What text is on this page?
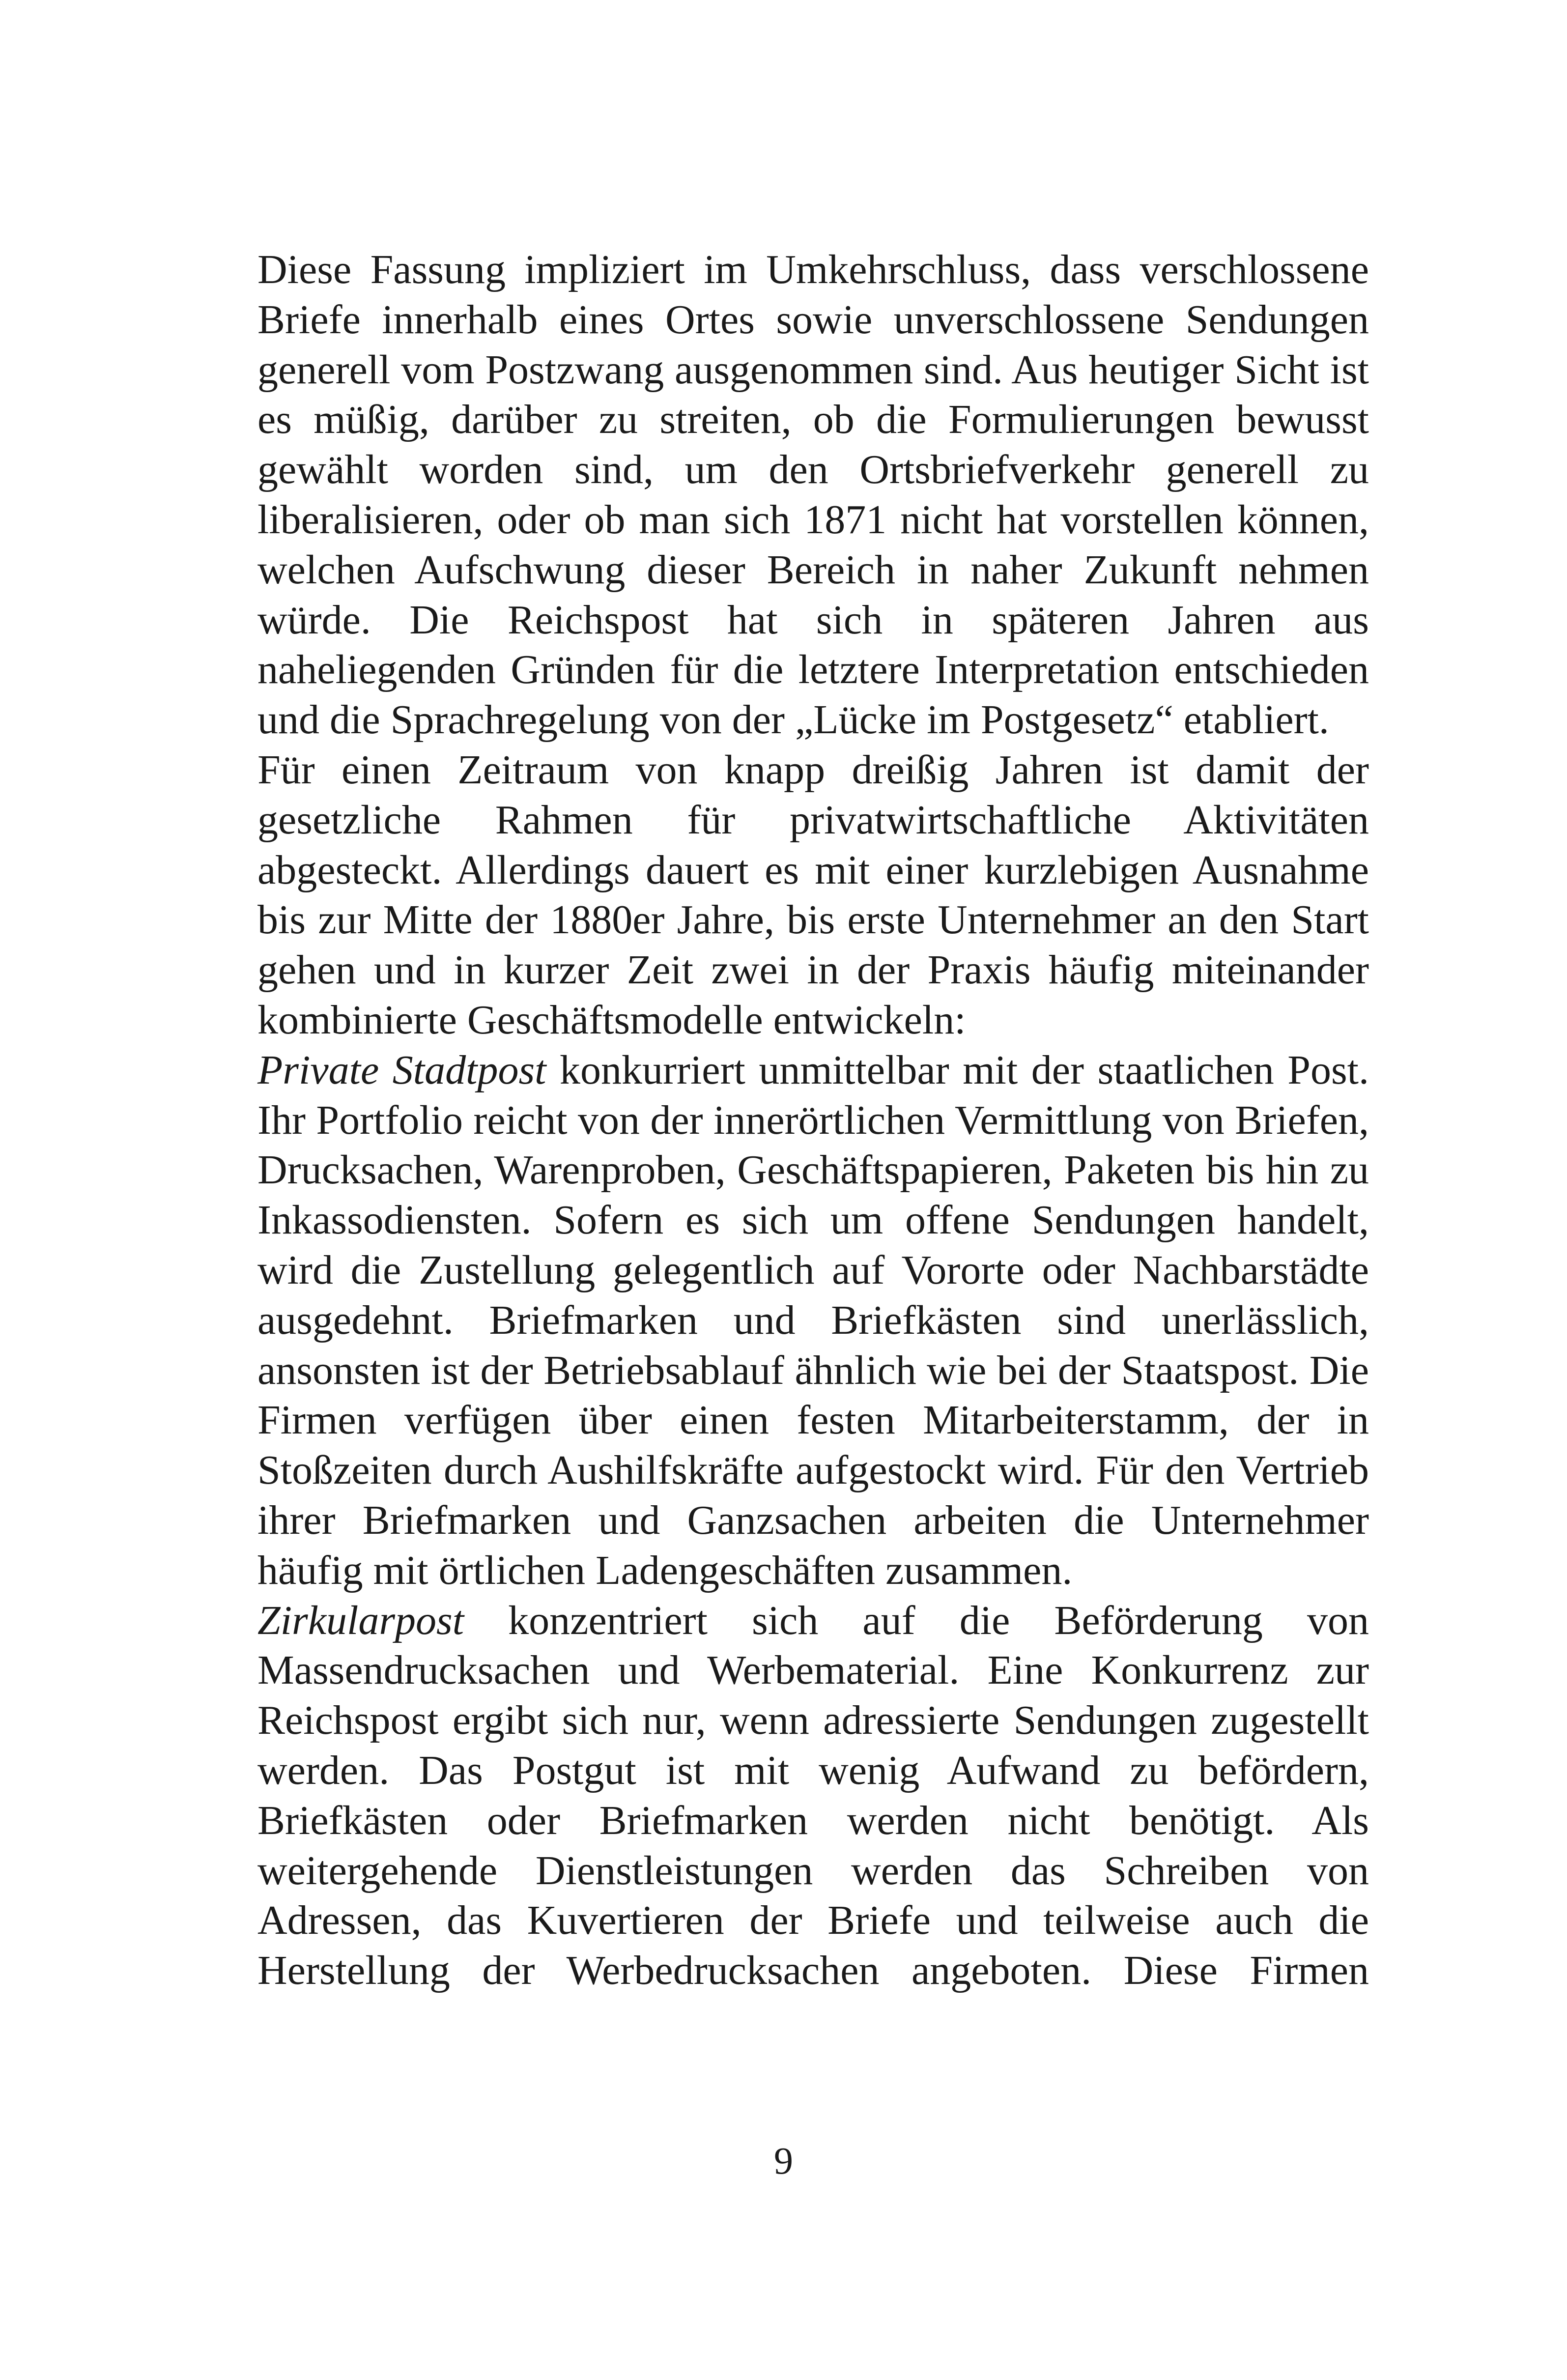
Diese Fassung impliziert im Umkehrschluss, dass verschlossene Briefe innerhalb eines Ortes sowie unverschlossene Sendungen generell vom Postzwang ausgenommen sind. Aus heutiger Sicht ist es müßig, darüber zu streiten, ob die Formulierungen bewusst gewählt worden sind, um den Ortsbriefverkehr generell zu liberalisieren, oder ob man sich 1871 nicht hat vorstellen können, welchen Aufschwung dieser Bereich in naher Zukunft nehmen würde. Die Reichspost hat sich in späteren Jahren aus naheliegenden Gründen für die letztere Interpretation entschieden und die Sprachregelung von der „Lücke im Postgesetz“ etabliert.

Für einen Zeitraum von knapp dreißig Jahren ist damit der gesetzliche Rahmen für privatwirtschaftliche Aktivitäten abgesteckt. Allerdings dauert es mit einer kurzlebigen Ausnahme bis zur Mitte der 1880er Jahre, bis erste Unternehmer an den Start gehen und in kurzer Zeit zwei in der Praxis häufig miteinander kombinierte Geschäftsmodelle entwickeln:

Private Stadtpost konkurriert unmittelbar mit der staatlichen Post. Ihr Portfolio reicht von der innerörtlichen Vermittlung von Briefen, Drucksachen, Warenproben, Geschäftspapieren, Paketen bis hin zu Inkassodiensten. Sofern es sich um offene Sendungen handelt, wird die Zustellung gelegentlich auf Vororte oder Nachbarstädte ausgedehnt. Briefmarken und Briefkästen sind unerlässlich, ansonsten ist der Betriebsablauf ähnlich wie bei der Staatspost. Die Firmen verfügen über einen festen Mitarbeiterstamm, der in Stoßzeiten durch Aushilfskräfte aufgestockt wird. Für den Vertrieb ihrer Briefmarken und Ganzsachen arbeiten die Unternehmer häufig mit örtlichen Ladengeschäften zusammen.

Zirkularpost konzentriert sich auf die Beförderung von Massendrucksachen und Werbematerial. Eine Konkurrenz zur Reichspost ergibt sich nur, wenn adressierte Sendungen zugestellt werden. Das Postgut ist mit wenig Aufwand zu befördern, Briefkästen oder Briefmarken werden nicht benötigt. Als weitergehende Dienstleistungen werden das Schreiben von Adressen, das Kuvertieren der Briefe und teilweise auch die Herstellung der Werbedrucksachen angeboten. Diese Firmen

9
